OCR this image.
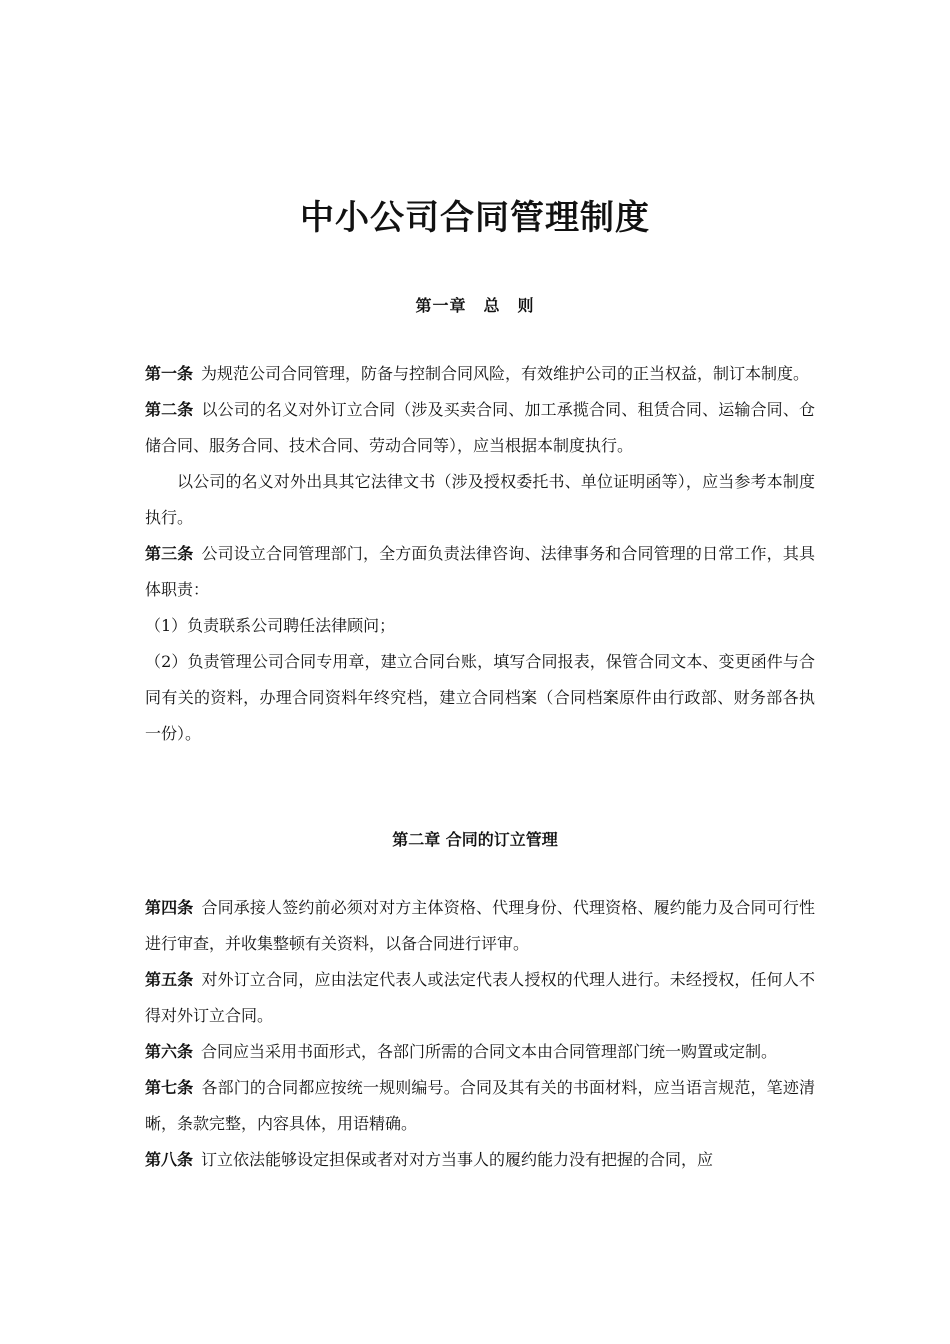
中小公司合同管理制度
第一章　总　则

第一条 为规范公司合同管理，防备与控制合同风险，有效维护公司的正当权益，制订本制度。

第二条 以公司的名义对外订立合同（涉及买卖合同、加工承揽合同、租赁合同、运输合同、仓储合同、服务合同、技术合同、劳动合同等），应当根据本制度执行。

以公司的名义对外出具其它法律文书（涉及授权委托书、单位证明函等），应当参考本制度执行。

第三条 公司设立合同管理部门，全方面负责法律咨询、法律事务和合同管理的日常工作，其具体职责：

（1）负责联系公司聘任法律顾问；

（2）负责管理公司合同专用章，建立合同台账，填写合同报表，保管合同文本、变更函件与合同有关的资料，办理合同资料年终究档，建立合同档案（合同档案原件由行政部、财务部各执一份）。

第二章 合同的订立管理

第四条 合同承接人签约前必须对对方主体资格、代理身份、代理资格、履约能力及合同可行性进行审查，并收集整顿有关资料，以备合同进行评审。

第五条 对外订立合同，应由法定代表人或法定代表人授权的代理人进行。未经授权，任何人不得对外订立合同。

第六条 合同应当采用书面形式，各部门所需的合同文本由合同管理部门统一购置或定制。

第七条 各部门的合同都应按统一规则编号。合同及其有关的书面材料，应当语言规范，笔迹清晰，条款完整，内容具体，用语精确。

第八条 订立依法能够设定担保或者对对方当事人的履约能力没有把握的合同，应
